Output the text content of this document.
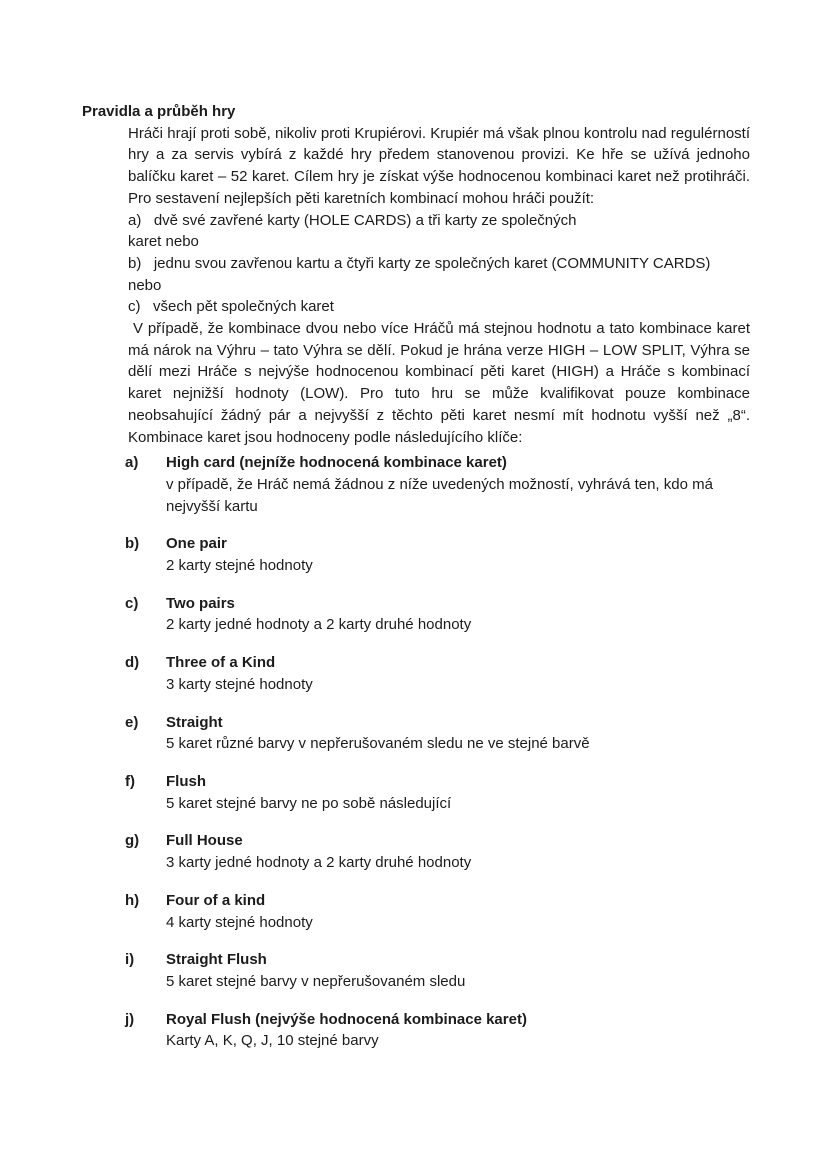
Pravidla a průběh hry

Hráči hrají proti sobě, nikoliv proti Krupiérovi. Krupiér má však plnou kontrolu nad regulérností hry a za servis vybírá z každé hry předem stanovenou provizi. Ke hře se užívá jednoho balíčku karet – 52 karet. Cílem hry je získat výše hodnocenou kombinaci karet než protihráči. Pro sestavení nejlepších pěti karetních kombinací mohou hráči použít:

a)   dvě své zavřené karty (HOLE CARDS) a tři karty ze společných
karet nebo
b)   jednu svou zavřenou kartu a čtyři karty ze společných karet (COMMUNITY CARDS)
nebo
c)   všech pět společných karet

V případě, že kombinace dvou nebo více Hráčů má stejnou hodnotu a tato kombinace karet má nárok na Výhru – tato Výhra se dělí. Pokud je hrána verze HIGH – LOW SPLIT, Výhra se dělí mezi Hráče s nejvýše hodnocenou kombinací pěti karet (HIGH) a Hráče s kombinací karet nejnižší hodnoty (LOW). Pro tuto hru se může kvalifikovat pouze kombinace neobsahující žádný pár a nejvyšší z těchto pěti karet nesmí mít hodnotu vyšší než „8“. Kombinace karet jsou hodnoceny podle následujícího klíče:

a)	High card (nejníže hodnocená kombinace karet)
v případě, že Hráč nemá žádnou z níže uvedených možností, vyhrává ten, kdo má nejvyšší kartu
b)	One pair
2 karty stejné hodnoty
c)	Two pairs
2 karty jedné hodnoty a 2 karty druhé hodnoty
d)	Three of a Kind
3 karty stejné hodnoty
e)	Straight
5 karet různé barvy v nepřerušovaném sledu ne ve stejné barvě
f)	Flush
5 karet stejné barvy ne po sobě následující
g)	Full House
3 karty jedné hodnoty a 2 karty druhé hodnoty
h)	Four of a kind
4 karty stejné hodnoty
i)	Straight Flush
5 karet stejné barvy v nepřerušovaném sledu
j)	Royal Flush (nejvýše hodnocená kombinace karet)
Karty A, K, Q, J, 10 stejné barvy
